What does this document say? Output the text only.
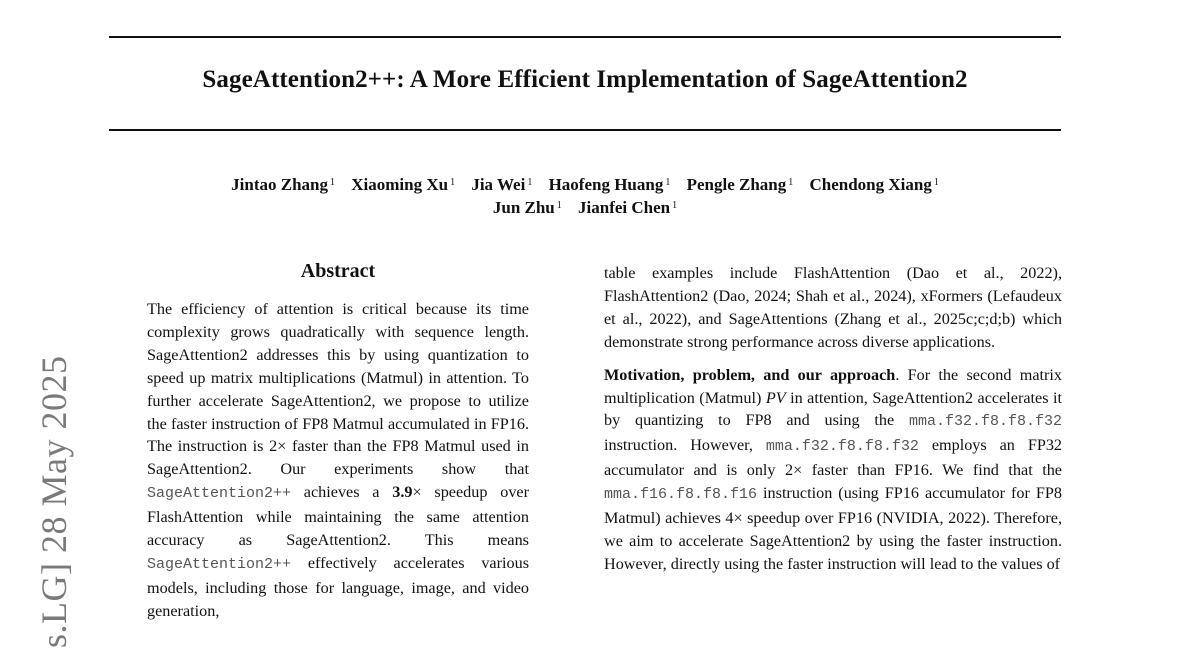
SageAttention2++: A More Efficient Implementation of SageAttention2
Jintao Zhang $^1$ Xiaoming Xu $^1$ Jia Wei $^1$ Haofeng Huang $^1$ Pengle Zhang $^1$ Chendong Xiang $^1$
Jun Zhu $^1$ Jianfei Chen $^1$
s.LG] 28 May 2025
Abstract

The efficiency of attention is critical because its time complexity grows quadratically with sequence length. SageAttention2 addresses this by using quantization to speed up matrix multiplications (Matmul) in attention. To further accelerate SageAttention2, we propose to utilize the faster instruction of FP8 Matmul accumulated in FP16. The instruction is 2× faster than the FP8 Matmul used in SageAttention2. Our experiments show that SageAttention2++ achieves a 3.9× speedup over FlashAttention while maintaining the same attention accuracy as SageAttention2. This means SageAttention2++ effectively accelerates various models, including those for language, image, and video generation,

table examples include FlashAttention (Dao et al., 2022), FlashAttention2 (Dao, 2024; Shah et al., 2024), xFormers (Lefaudeux et al., 2022), and SageAttentions (Zhang et al., 2025c;c;d;b) which demonstrate strong performance across diverse applications.

Motivation, problem, and our approach. For the second matrix multiplication (Matmul) PV in attention, SageAttention2 accelerates it by quantizing to FP8 and using the mma.f32.f8.f8.f32 instruction. However, mma.f32.f8.f8.f32 employs an FP32 accumulator and is only 2× faster than FP16. We find that the mma.f16.f8.f8.f16 instruction (using FP16 accumulator for FP8 Matmul) achieves 4× speedup over FP16 (NVIDIA, 2022). Therefore, we aim to accelerate SageAttention2 by using the faster instruction. However, directly using the faster instruction will lead to the values of
